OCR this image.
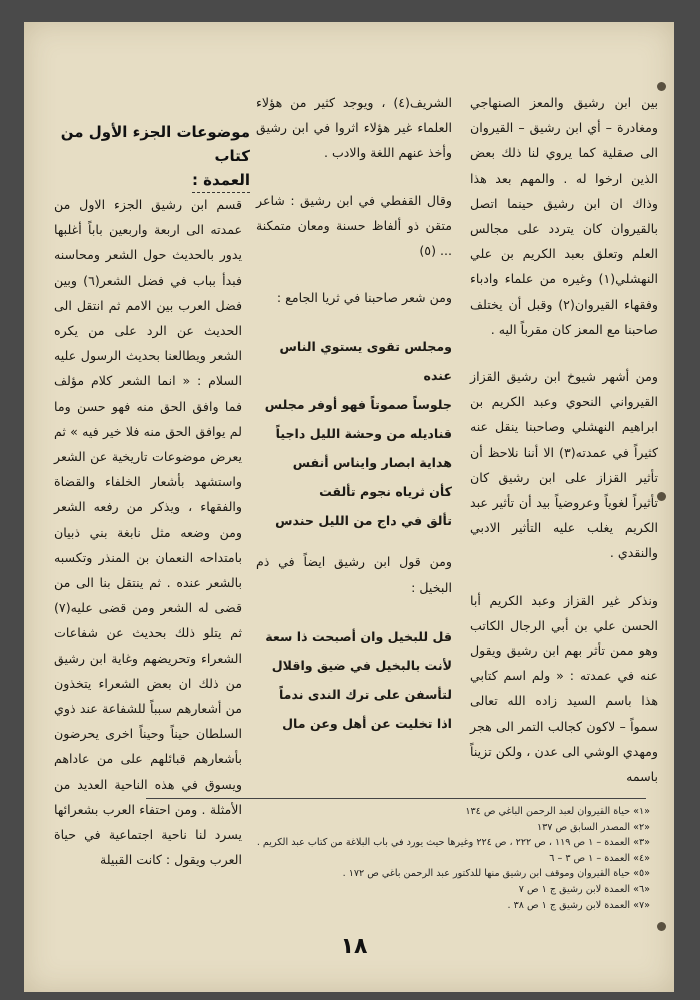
بين ابن رشيق والمعز الصنهاجي ومغادرة – أي ابن رشيق – القيروان الى صقلية كما يروي لنا ذلك بعض الذين ارخوا له . والمهم بعد هذا وذاك ان ابن رشيق حينما اتصل بالقيروان كان يتردد على مجالس العلم وتعلق بعبد الكريم بن علي النهشلي(١) وغيره من علماء وادباء وفقهاء القيروان(٢) وقبل أن يختلف صاحبنا مع المعز كان مقرباً اليه .

ومن أشهر شيوخ ابن رشيق القزاز القيرواني النحوي وعبد الكريم بن ابراهيم النهشلي وصاحبنا ينقل عنه كثيراً في عمدته(٣) الا أننا نلاحظ أن تأثير القزاز على ابن رشيق كان تأثيراً لغوياً وعروضياً بيد أن تأثير عبد الكريم يغلب عليه التأثير الادبي والنقدي .

ونذكر غير القزاز وعبد الكريم أبا الحسن علي بن أبي الرجال الكاتب وهو ممن تأثر بهم ابن رشيق ويقول عنه في عمدته : « ولم اسم كتابي هذا باسم السيد زاده الله تعالى سمواً – لاكون كجالب التمر الى هجر ومهدي الوشي الى عدن ، ولكن تزيناً باسمه

الشريف(٤) ، ويوجد كثير من هؤلاء العلماء غير هؤلاء اثروا في ابن رشيق وأخذ عنهم اللغة والادب .

وقال القفطي في ابن رشيق : شاعر متقن ذو ألفاظ حسنة ومعان متمكنة ... (٥)

ومن شعر صاحبنا في ثريا الجامع :

ومجلس تقوى يستوي الناس عنده
جلوساً صموتاً فهو أوفر مجلس
قناديله من وحشة الليل داجياً
هداية ابصار وايناس أنفس
كأن ثرياه نجوم تألقت
تألق في داج من الليل حندس

ومن قول ابن رشيق ايضاً في ذم البخيل :

قل للبخيل وان أصبحت ذا سعة
لأنت بالبخيل في ضيق واقلال
لتأسفن على ترك الندى ندماً
اذا تخليت عن أهل وعن مال
موضوعات الجزء الأول من كتاب
العمدة :

قسم ابن رشيق الجزء الاول من عمدته الى اربعة واربعين باباً أغلبها يدور بالحديث حول الشعر ومحاسنه فبدأ بباب في فضل الشعر(٦) وبين فضل العرب بين الامم ثم انتقل الى الحديث عن الرد على من يكره الشعر ويطالعنا بحديث الرسول عليه السلام : « انما الشعر كلام مؤلف فما وافق الحق منه فهو حسن وما لم يوافق الحق منه فلا خير فيه » ثم يعرض موضوعات تاريخية عن الشعر واستشهد بأشعار الخلفاء والقضاة والفقهاء ، ويذكر من رفعه الشعر ومن وضعه مثل نابغة بني ذبيان بامتداحه النعمان بن المنذر وتكسبه بالشعر عنده . ثم ينتقل بنا الى من قضى له الشعر ومن قضى عليه(٧) ثم يتلو ذلك بحديث عن شفاعات الشعراء وتحريضهم وغاية ابن رشيق من ذلك ان بعض الشعراء يتخذون من أشعارهم سبباً للشفاعة عند ذوي السلطان حيناً وحيناً اخرى يحرضون بأشعارهم قبائلهم على من عاداهم ويسوق في هذه الناحية العديد من الأمثلة . ومن احتفاء العرب بشعرائها يسرد لنا ناحية اجتماعية في حياة العرب ويقول : كانت القبيلة

«١» حياة القيروان لعبد الرحمن الباغي ص ١٣٤
«٢» المصدر السابق ص ١٣٧
«٣» العمدة – ١ ص ١١٩ ، ص ٢٢٢ ، ص ٢٢٤ وغيرها حيث يورد في باب البلاغة من كتاب عبد الكريم .
«٤» العمدة – ١ ص ٣ – ٦
«٥» حياة القيروان وموقف ابن رشيق منها للدكتور عبد الرحمن باغي ص ١٧٢ .
«٦» العمدة لابن رشيق ج ١ ص ٧
«٧» العمدة لابن رشيق ج ١ ص ٣٨ .
١٨
